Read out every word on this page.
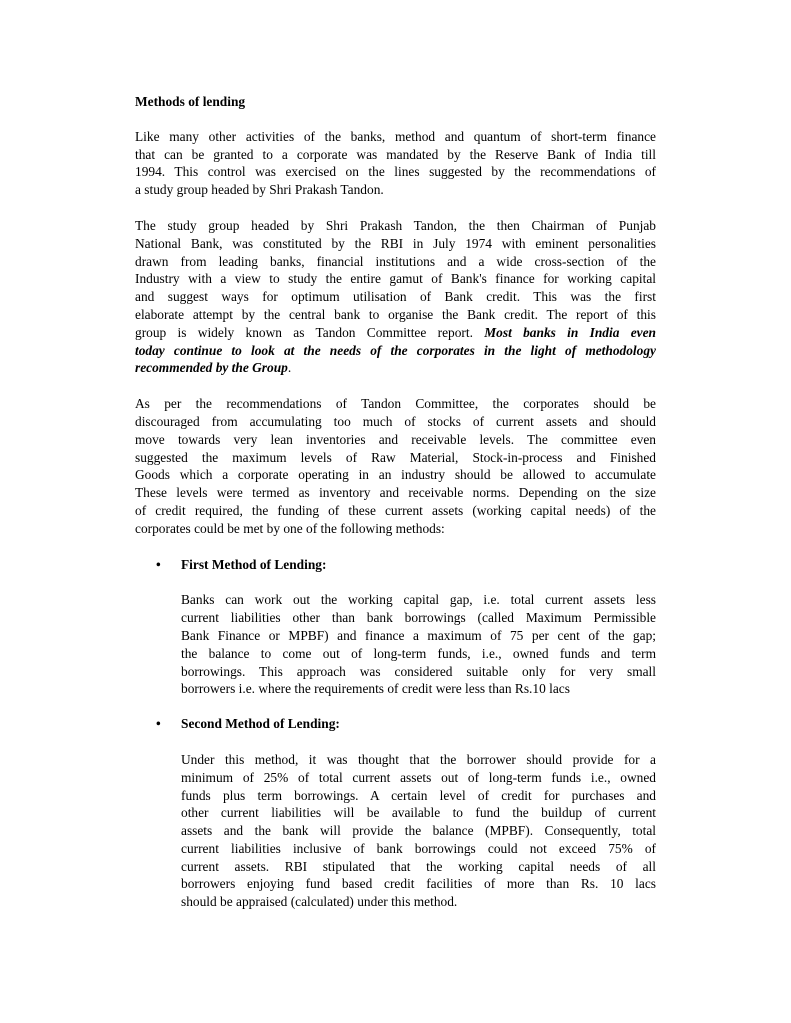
Methods of lending
Like many other activities of the banks, method and quantum of short-term finance
that can be granted to a corporate was mandated by the Reserve Bank of India till
1994. This control was exercised on the lines suggested by the recommendations of
a study group headed by Shri Prakash Tandon.
The study group headed by Shri Prakash Tandon, the then Chairman of Punjab
National Bank, was constituted by the RBI in July 1974 with eminent personalities
drawn from leading banks, financial institutions and a wide cross-section of the
Industry with a view to study the entire gamut of Bank's finance for working capital
and suggest ways for optimum utilisation of Bank credit. This was the first
elaborate attempt by the central bank to organise the Bank credit. The report of this
group is widely known as Tandon Committee report. Most banks in India even
today continue to look at the needs of the corporates in the light of methodology
recommended by the Group.
As per the recommendations of Tandon Committee, the corporates should be
discouraged from accumulating too much of stocks of current assets and should
move towards very lean inventories and receivable levels. The committee even
suggested the maximum levels of Raw Material, Stock-in-process and Finished
Goods which a corporate operating in an industry should be allowed to accumulate
These levels were termed as inventory and receivable norms. Depending on the size
of credit required, the funding of these current assets (working capital needs) of the
corporates could be met by one of the following methods:
• First Method of Lending:
Banks can work out the working capital gap, i.e. total current assets less
current liabilities other than bank borrowings (called Maximum Permissible
Bank Finance or MPBF) and finance a maximum of 75 per cent of the gap;
the balance to come out of long-term funds, i.e., owned funds and term
borrowings. This approach was considered suitable only for very small
borrowers i.e. where the requirements of credit were less than Rs.10 lacs
• Second Method of Lending:
Under this method, it was thought that the borrower should provide for a
minimum of 25% of total current assets out of long-term funds i.e., owned
funds plus term borrowings. A certain level of credit for purchases and
other current liabilities will be available to fund the buildup of current
assets and the bank will provide the balance (MPBF). Consequently, total
current liabilities inclusive of bank borrowings could not exceed 75% of
current assets. RBI stipulated that the working capital needs of all
borrowers enjoying fund based credit facilities of more than Rs. 10 lacs
should be appraised (calculated) under this method.
